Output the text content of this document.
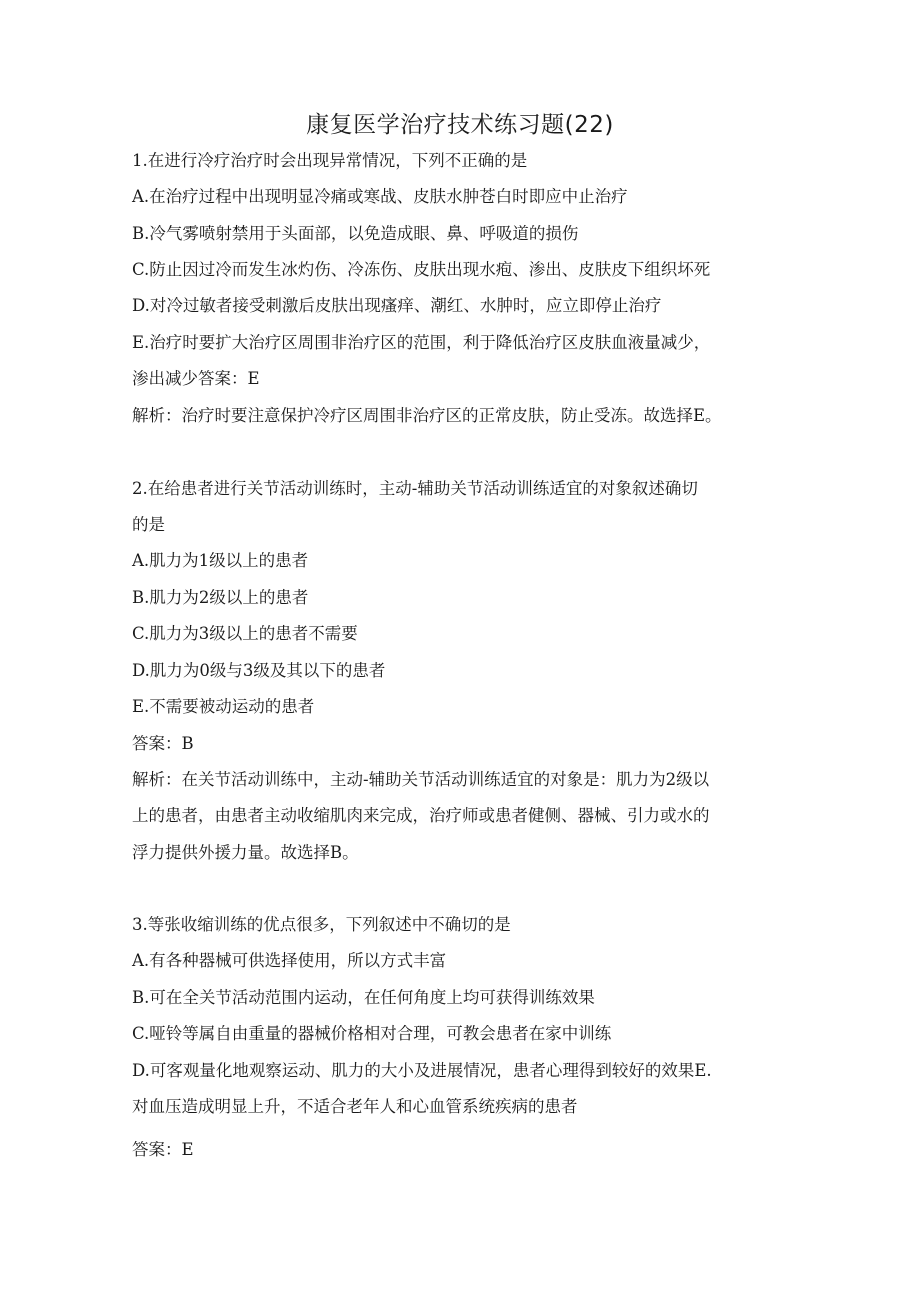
康复医学治疗技术练习题(22)
1.在进行冷疗治疗时会出现异常情况，下列不正确的是
A.在治疗过程中出现明显冷痛或寒战、皮肤水肿苍白时即应中止治疗
B.冷气雾喷射禁用于头面部，以免造成眼、鼻、呼吸道的损伤
C.防止因过冷而发生冰灼伤、冷冻伤、皮肤出现水疱、渗出、皮肤皮下组织坏死
D.对冷过敏者接受刺激后皮肤出现瘙痒、潮红、水肿时，应立即停止治疗
E.治疗时要扩大治疗区周围非治疗区的范围，利于降低治疗区皮肤血液量减少，
渗出减少答案：E
解析：治疗时要注意保护冷疗区周围非治疗区的正常皮肤，防止受冻。故选择E。
2.在给患者进行关节活动训练时，主动-辅助关节活动训练适宜的对象叙述确切
的是
A.肌力为1级以上的患者
B.肌力为2级以上的患者
C.肌力为3级以上的患者不需要
D.肌力为0级与3级及其以下的患者
E.不需要被动运动的患者
答案：B
解析：在关节活动训练中，主动-辅助关节活动训练适宜的对象是：肌力为2级以
上的患者，由患者主动收缩肌肉来完成，治疗师或患者健侧、器械、引力或水的
浮力提供外援力量。故选择B。
3.等张收缩训练的优点很多，下列叙述中不确切的是
A.有各种器械可供选择使用，所以方式丰富
B.可在全关节活动范围内运动，在任何角度上均可获得训练效果
C.哑铃等属自由重量的器械价格相对合理，可教会患者在家中训练
D.可客观量化地观察运动、肌力的大小及进展情况，患者心理得到较好的效果E.
对血压造成明显上升，不适合老年人和心血管系统疾病的患者
答案：E
